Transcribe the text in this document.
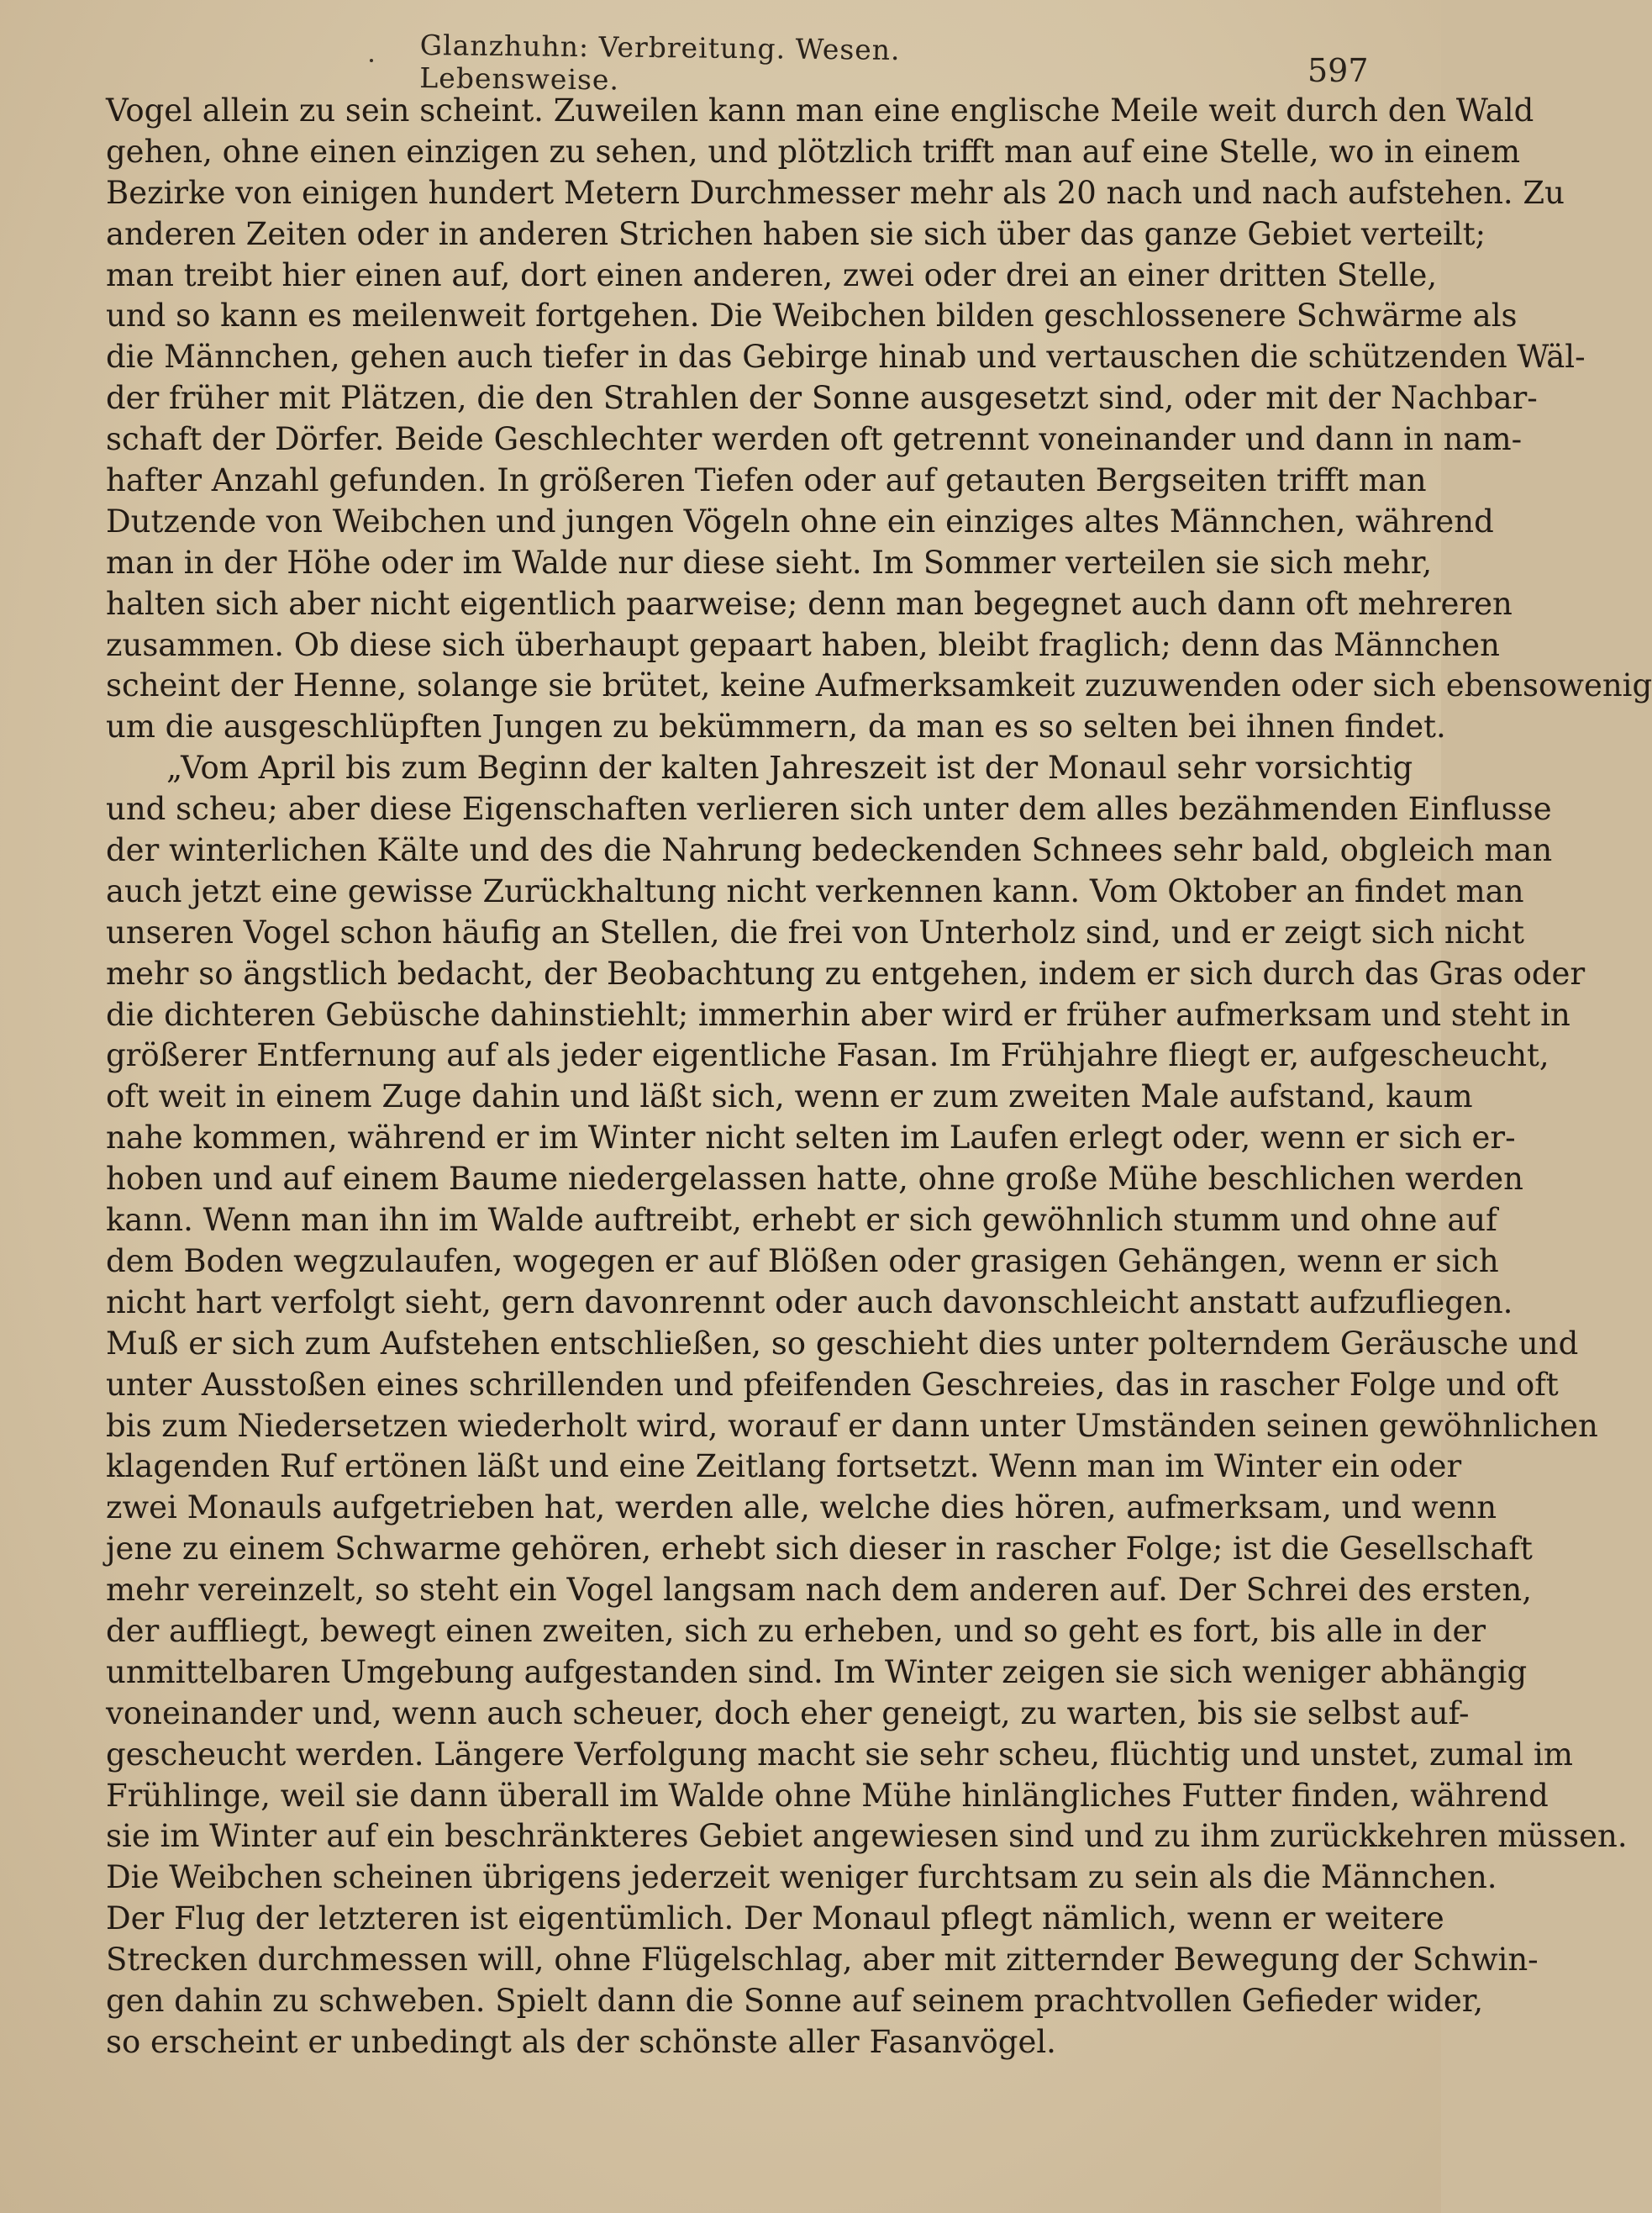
Glanzhuhn: Verbreitung. Wesen. Lebensweise.	597
Vogel allein zu sein scheint. Zuweilen kann man eine englische Meile weit durch den Wald
gehen, ohne einen einzigen zu sehen, und plötzlich trifft man auf eine Stelle, wo in einem
Bezirke von einigen hundert Metern Durchmesser mehr als 20 nach und nach aufstehen. Zu
anderen Zeiten oder in anderen Strichen haben sie sich über das ganze Gebiet verteilt;
man treibt hier einen auf, dort einen anderen, zwei oder drei an einer dritten Stelle,
und so kann es meilenweit fortgehen. Die Weibchen bilden geschlossenere Schwärme als
die Männchen, gehen auch tiefer in das Gebirge hinab und vertauschen die schützenden Wäl-
der früher mit Plätzen, die den Strahlen der Sonne ausgesetzt sind, oder mit der Nachbar-
schaft der Dörfer. Beide Geschlechter werden oft getrennt voneinander und dann in nam-
hafter Anzahl gefunden. In größeren Tiefen oder auf getauten Bergseiten trifft man
Dutzende von Weibchen und jungen Vögeln ohne ein einziges altes Männchen, während
man in der Höhe oder im Walde nur diese sieht. Im Sommer verteilen sie sich mehr,
halten sich aber nicht eigentlich paarweise; denn man begegnet auch dann oft mehreren
zusammen. Ob diese sich überhaupt gepaart haben, bleibt fraglich; denn das Männchen
scheint der Henne, solange sie brütet, keine Aufmerksamkeit zuzuwenden oder sich ebensowenig
um die ausgeschlüpften Jungen zu bekümmern, da man es so selten bei ihnen findet.
„Vom April bis zum Beginn der kalten Jahreszeit ist der Monaul sehr vorsichtig
und scheu; aber diese Eigenschaften verlieren sich unter dem alles bezähmenden Einflusse
der winterlichen Kälte und des die Nahrung bedeckenden Schnees sehr bald, obgleich man
auch jetzt eine gewisse Zurückhaltung nicht verkennen kann. Vom Oktober an findet man
unseren Vogel schon häufig an Stellen, die frei von Unterholz sind, und er zeigt sich nicht
mehr so ängstlich bedacht, der Beobachtung zu entgehen, indem er sich durch das Gras oder
die dichteren Gebüsche dahinstiehlt; immerhin aber wird er früher aufmerksam und steht in
größerer Entfernung auf als jeder eigentliche Fasan. Im Frühjahre fliegt er, aufgescheucht,
oft weit in einem Zuge dahin und läßt sich, wenn er zum zweiten Male aufstand, kaum
nahe kommen, während er im Winter nicht selten im Laufen erlegt oder, wenn er sich er-
hoben und auf einem Baume niedergelassen hatte, ohne große Mühe beschlichen werden
kann. Wenn man ihn im Walde auftreibt, erhebt er sich gewöhnlich stumm und ohne auf
dem Boden wegzulaufen, wogegen er auf Blößen oder grasigen Gehängen, wenn er sich
nicht hart verfolgt sieht, gern davonrennt oder auch davonschleicht anstatt aufzufliegen.
Muß er sich zum Aufstehen entschließen, so geschieht dies unter polterndem Geräusche und
unter Ausstoßen eines schrillenden und pfeifenden Geschreies, das in rascher Folge und oft
bis zum Niedersetzen wiederholt wird, worauf er dann unter Umständen seinen gewöhnlichen
klagenden Ruf ertönen läßt und eine Zeitlang fortsetzt. Wenn man im Winter ein oder
zwei Monauls aufgetrieben hat, werden alle, welche dies hören, aufmerksam, und wenn
jene zu einem Schwarme gehören, erhebt sich dieser in rascher Folge; ist die Gesellschaft
mehr vereinzelt, so steht ein Vogel langsam nach dem anderen auf. Der Schrei des ersten,
der auffliegt, bewegt einen zweiten, sich zu erheben, und so geht es fort, bis alle in der
unmittelbaren Umgebung aufgestanden sind. Im Winter zeigen sie sich weniger abhängig
voneinander und, wenn auch scheuer, doch eher geneigt, zu warten, bis sie selbst auf-
gescheucht werden. Längere Verfolgung macht sie sehr scheu, flüchtig und unstet, zumal im
Frühlinge, weil sie dann überall im Walde ohne Mühe hinlängliches Futter finden, während
sie im Winter auf ein beschränkteres Gebiet angewiesen sind und zu ihm zurückkehren müssen.
Die Weibchen scheinen übrigens jederzeit weniger furchtsam zu sein als die Männchen.
Der Flug der letzteren ist eigentümlich. Der Monaul pflegt nämlich, wenn er weitere
Strecken durchmessen will, ohne Flügelschlag, aber mit zitternder Bewegung der Schwin-
gen dahin zu schweben. Spielt dann die Sonne auf seinem prachtvollen Gefieder wider,
so erscheint er unbedingt als der schönste aller Fasanvögel.
